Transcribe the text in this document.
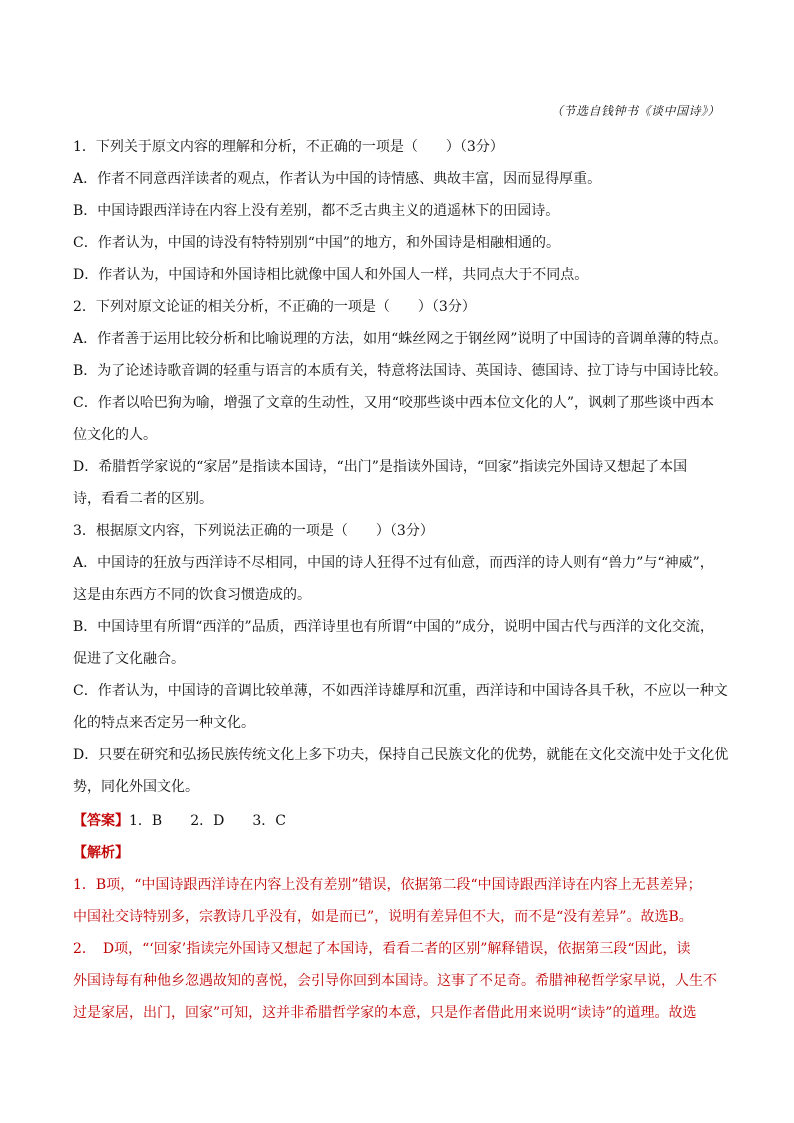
（节选自钱钟书《谈中国诗》）
1．下列关于原文内容的理解和分析，不正确的一项是（　　）（3分）
A．作者不同意西洋读者的观点，作者认为中国的诗情感、典故丰富，因而显得厚重。
B．中国诗跟西洋诗在内容上没有差别，都不乏古典主义的逍遥林下的田园诗。
C．作者认为，中国的诗没有特特别别“中国”的地方，和外国诗是相融相通的。
D．作者认为，中国诗和外国诗相比就像中国人和外国人一样，共同点大于不同点。
2．下列对原文论证的相关分析，不正确的一项是（　　）（3分）
A．作者善于运用比较分析和比喻说理的方法，如用“蛛丝网之于钢丝网”说明了中国诗的音调单薄的特点。
B．为了论述诗歌音调的轻重与语言的本质有关，特意将法国诗、英国诗、德国诗、拉丁诗与中国诗比较。
C．作者以哈巴狗为喻，增强了文章的生动性，又用“咬那些谈中西本位文化的人”，讽刺了那些谈中西本
位文化的人。
D．希腊哲学家说的“家居”是指读本国诗，“出门”是指读外国诗，“回家”指读完外国诗又想起了本国
诗，看看二者的区别。
3．根据原文内容，下列说法正确的一项是（　　）（3分）
A．中国诗的狂放与西洋诗不尽相同，中国的诗人狂得不过有仙意，而西洋的诗人则有“兽力”与“神威”，
这是由东西方不同的饮食习惯造成的。
B．中国诗里有所谓“西洋的”品质，西洋诗里也有所谓“中国的”成分，说明中国古代与西洋的文化交流，
促进了文化融合。
C．作者认为，中国诗的音调比较单薄，不如西洋诗雄厚和沉重，西洋诗和中国诗各具千秋，不应以一种文
化的特点来否定另一种文化。
D．只要在研究和弘扬民族传统文化上多下功夫，保持自己民族文化的优势，就能在文化交流中处于文化优
势，同化外国文化。
【答案】1．B　　2．D　　3．C
【解析】
1．B项，“中国诗跟西洋诗在内容上没有差别”错误，依据第二段“中国诗跟西洋诗在内容上无甚差异；
中国社交诗特别多，宗教诗几乎没有，如是而已”，说明有差异但不大，而不是“没有差异”。故选B。
2．　D项，“‘回家’指读完外国诗又想起了本国诗，看看二者的区别”解释错误，依据第三段“因此，读
外国诗每有种他乡忽遇故知的喜悦，会引导你回到本国诗。这事了不足奇。希腊神秘哲学家早说，人生不
过是家居，出门，回家”可知，这并非希腊哲学家的本意，只是作者借此用来说明“读诗”的道理。故选
